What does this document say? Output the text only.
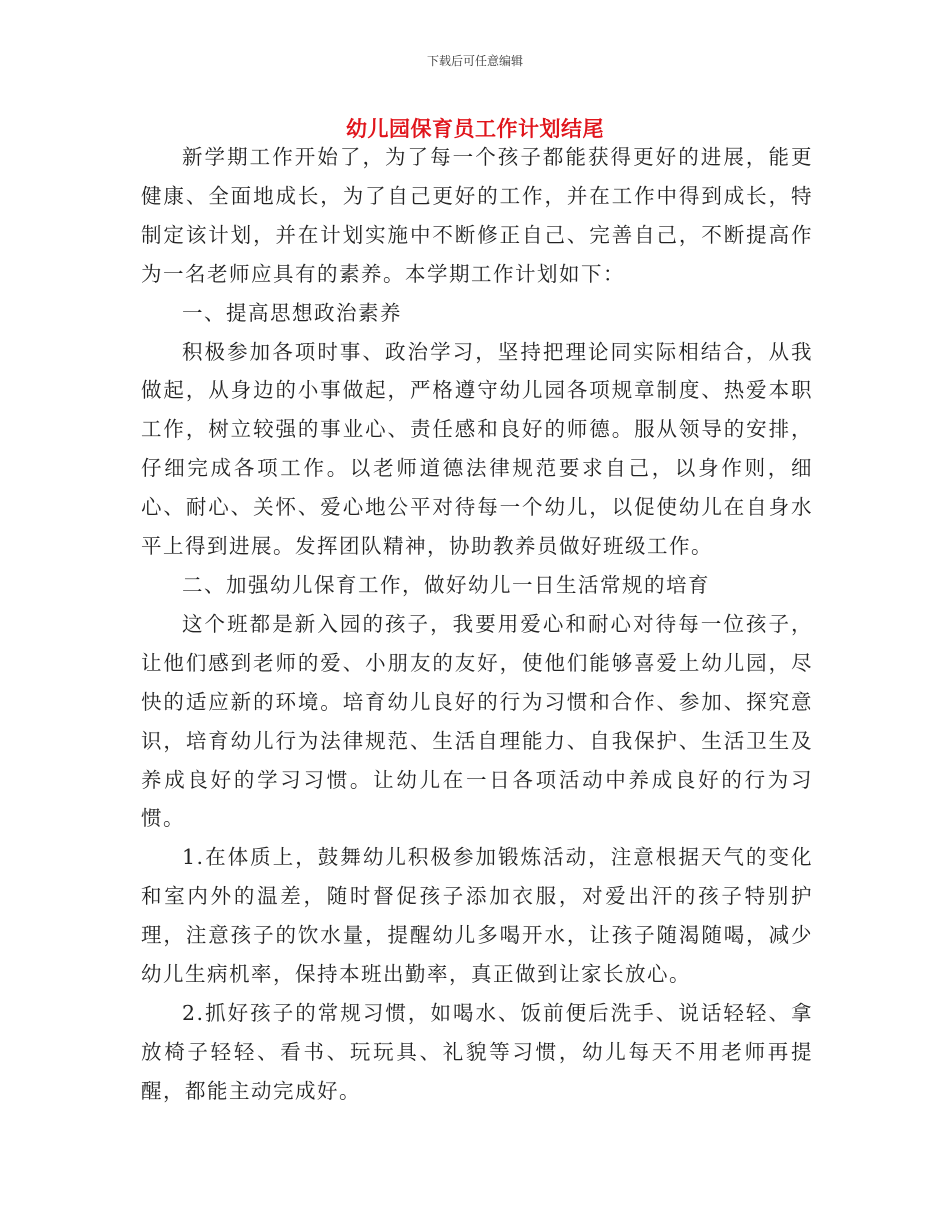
下载后可任意编辑
幼儿园保育员工作计划结尾

新学期工作开始了，为了每一个孩子都能获得更好的进展，能更健康、全面地成长，为了自己更好的工作，并在工作中得到成长，特制定该计划，并在计划实施中不断修正自己、完善自己，不断提高作为一名老师应具有的素养。本学期工作计划如下：

一、提高思想政治素养

积极参加各项时事、政治学习，坚持把理论同实际相结合，从我做起，从身边的小事做起，严格遵守幼儿园各项规章制度、热爱本职工作，树立较强的事业心、责任感和良好的师德。服从领导的安排，仔细完成各项工作。以老师道德法律规范要求自己，以身作则，细心、耐心、关怀、爱心地公平对待每一个幼儿，以促使幼儿在自身水平上得到进展。发挥团队精神，协助教养员做好班级工作。

二、加强幼儿保育工作，做好幼儿一日生活常规的培育

这个班都是新入园的孩子，我要用爱心和耐心对待每一位孩子，让他们感到老师的爱、小朋友的友好，使他们能够喜爱上幼儿园，尽快的适应新的环境。培育幼儿良好的行为习惯和合作、参加、探究意识，培育幼儿行为法律规范、生活自理能力、自我保护、生活卫生及养成良好的学习习惯。让幼儿在一日各项活动中养成良好的行为习惯。

1.在体质上，鼓舞幼儿积极参加锻炼活动，注意根据天气的变化和室内外的温差，随时督促孩子添加衣服，对爱出汗的孩子特别护理，注意孩子的饮水量，提醒幼儿多喝开水，让孩子随渴随喝，减少幼儿生病机率，保持本班出勤率，真正做到让家长放心。

2.抓好孩子的常规习惯，如喝水、饭前便后洗手、说话轻轻、拿放椅子轻轻、看书、玩玩具、礼貌等习惯，幼儿每天不用老师再提醒，都能主动完成好。
